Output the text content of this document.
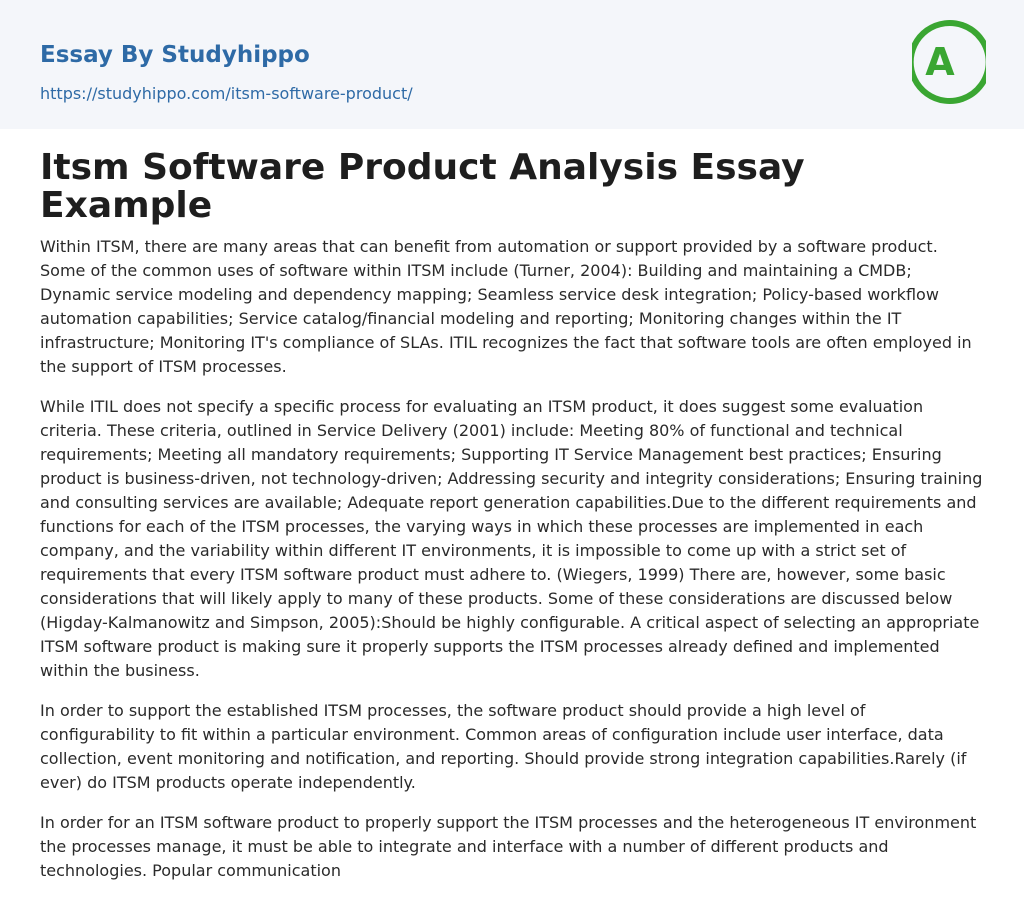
Essay By Studyhippo
https://studyhippo.com/itsm-software-product/
A
Itsm Software Product Analysis Essay Example

Within ITSM, there are many areas that can benefit from automation or support provided by a software product. Some of the common uses of software within ITSM include (Turner, 2004): Building and maintaining a CMDB; Dynamic service modeling and dependency mapping; Seamless service desk integration; Policy-based workflow automation capabilities; Service catalog/financial modeling and reporting; Monitoring changes within the IT infrastructure; Monitoring IT's compliance of SLAs. ITIL recognizes the fact that software tools are often employed in the support of ITSM processes.

While ITIL does not specify a specific process for evaluating an ITSM product, it does suggest some evaluation criteria. These criteria, outlined in Service Delivery (2001) include: Meeting 80% of functional and technical requirements; Meeting all mandatory requirements; Supporting IT Service Management best practices; Ensuring product is business-driven, not technology-driven; Addressing security and integrity considerations; Ensuring training and consulting services are available; Adequate report generation capabilities.Due to the different requirements and functions for each of the ITSM processes, the varying ways in which these processes are implemented in each company, and the variability within different IT environments, it is impossible to come up with a strict set of requirements that every ITSM software product must adhere to. (Wiegers, 1999) There are, however, some basic considerations that will likely apply to many of these products. Some of these considerations are discussed below (Higday-Kalmanowitz and Simpson, 2005):Should be highly configurable. A critical aspect of selecting an appropriate ITSM software product is making sure it properly supports the ITSM processes already defined and implemented within the business.

In order to support the established ITSM processes, the software product should provide a high level of configurability to fit within a particular environment. Common areas of configuration include user interface, data collection, event monitoring and notification, and reporting. Should provide strong integration capabilities.Rarely (if ever) do ITSM products operate independently.

In order for an ITSM software product to properly support the ITSM processes and the heterogeneous IT environment the processes manage, it must be able to integrate and interface with a number of different products and technologies. Popular communication
